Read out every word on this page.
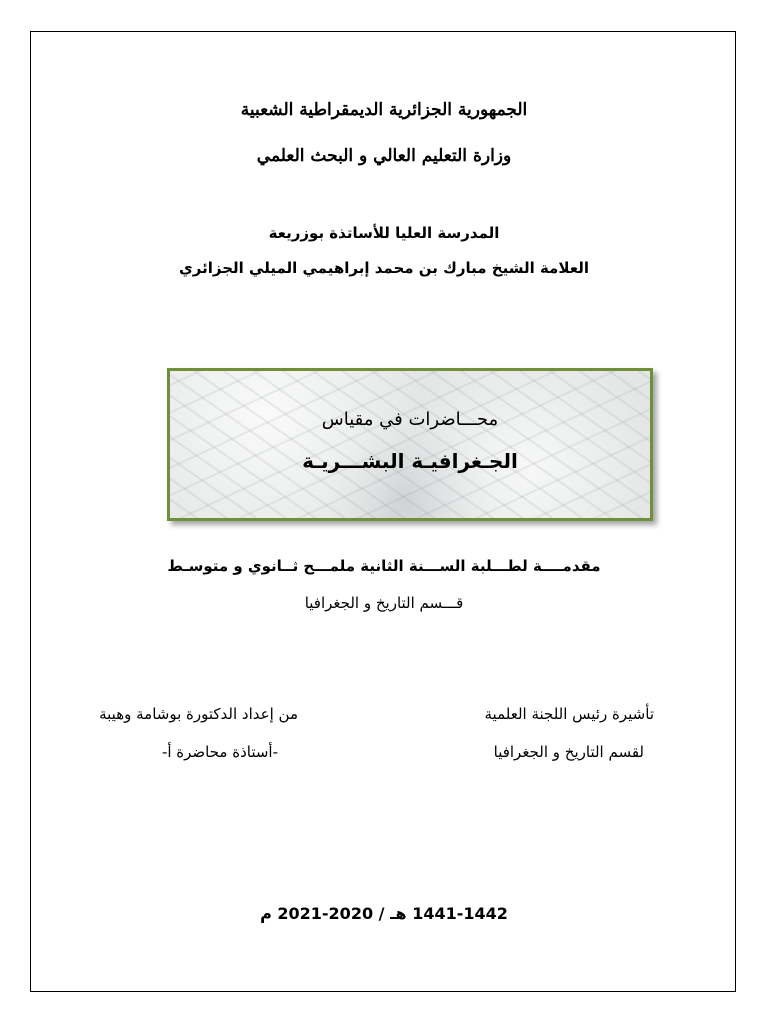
الجمهورية الجزائرية الديمقراطية الشعبية
وزارة التعليم العالي و البحث العلمي
المدرسة العليا للأساتذة بوزريعة
العلامة الشيخ مبارك بن محمد إبراهيمي الميلي الجزائري
محـــاضرات في مقياس
الجـغرافيـة البشـــريـة
مقدمــــة لطـــلبة الســـنة الثانية ملمـــح ثــانوي و متوسـط
قـــسم التاريخ و الجغرافيا
تأشيرة رئيس اللجنة العلمية
لقسم التاريخ و الجغرافيا
من إعداد الدكتورة بوشامة وهيبة
-أستاذة محاضرة أ-
1441-1442 هـ / 2020-2021 م
